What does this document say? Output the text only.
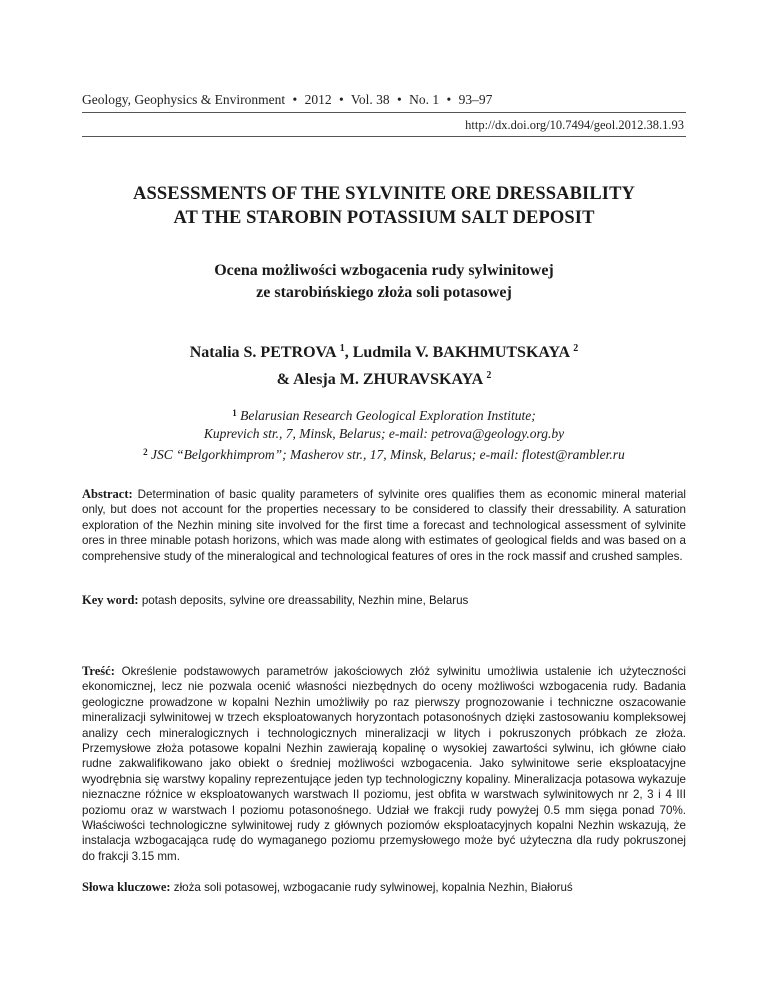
Geology, Geophysics & Environment • 2012 • Vol. 38 • No. 1 • 93–97
http://dx.doi.org/10.7494/geol.2012.38.1.93
ASSESSMENTS OF THE SYLVINITE ORE DRESSABILITY
AT THE STAROBIN POTASSIUM SALT DEPOSIT
Ocena możliwości wzbogacenia rudy sylwinitowej
ze starobińskiego złoża soli potasowej
Natalia S. PETROVA $^1$, Ludmila V. BAKHMUTSKAYA $^2$
& Alesja M. ZHURAVSKAYA $^2$
$^1$ Belarusian Research Geological Exploration Institute;
Kuprevich str., 7, Minsk, Belarus; e-mail: petrova@geology.org.by
$^2$ JSC “Belgorkhimprom”; Masherov str., 17, Minsk, Belarus; e-mail: flotest@rambler.ru
Abstract: Determination of basic quality parameters of sylvinite ores qualifies them as economic mineral material only, but does not account for the properties necessary to be considered to classify their dressability. A saturation exploration of the Nezhin mining site involved for the first time a forecast and technological assessment of sylvinite ores in three minable potash horizons, which was made along with estimates of geological fields and was based on a comprehensive study of the mineralogical and technological features of ores in the rock massif and crushed samples.
Key word: potash deposits, sylvine ore dreassability, Nezhin mine, Belarus
Treść: Określenie podstawowych parametrów jakościowych złóż sylwinitu umożliwia ustalenie ich użyteczności ekonomicznej, lecz nie pozwala ocenić własności niezbędnych do oceny możliwości wzbogacenia rudy. Badania geologiczne prowadzone w kopalni Nezhin umożliwiły po raz pierwszy prognozowanie i techniczne oszacowanie mineralizacji sylwinitowej w trzech eksploatowanych horyzontach potasonośnych dzięki zastosowaniu kompleksowej analizy cech mineralogicznych i technologicznych mineralizacji w litych i pokruszonych próbkach ze złoża. Przemysłowe złoża potasowe kopalni Nezhin zawierają kopalinę o wysokiej zawartości sylwinu, ich główne ciało rudne zakwalifikowano jako obiekt o średniej możliwości wzbogacenia. Jako sylwinitowe serie eksploatacyjne wyodrębnia się warstwy kopaliny reprezentujące jeden typ technologiczny kopaliny. Mineralizacja potasowa wykazuje nieznaczne różnice w eksploatowanych warstwach II poziomu, jest obfita w warstwach sylwinitowych nr 2, 3 i 4 III poziomu oraz w warstwach I poziomu potasonośnego. Udział we frakcji rudy powyżej 0.5 mm sięga ponad 70%. Właściwości technologiczne sylwinitowej rudy z głównych poziomów eksploatacyjnych kopalni Nezhin wskazują, że instalacja wzbogacająca rudę do wymaganego poziomu przemysłowego może być użyteczna dla rudy pokruszonej do frakcji 3.15 mm.
Słowa kluczowe: złoża soli potasowej, wzbogacanie rudy sylwinowej, kopalnia Nezhin, Białoruś
